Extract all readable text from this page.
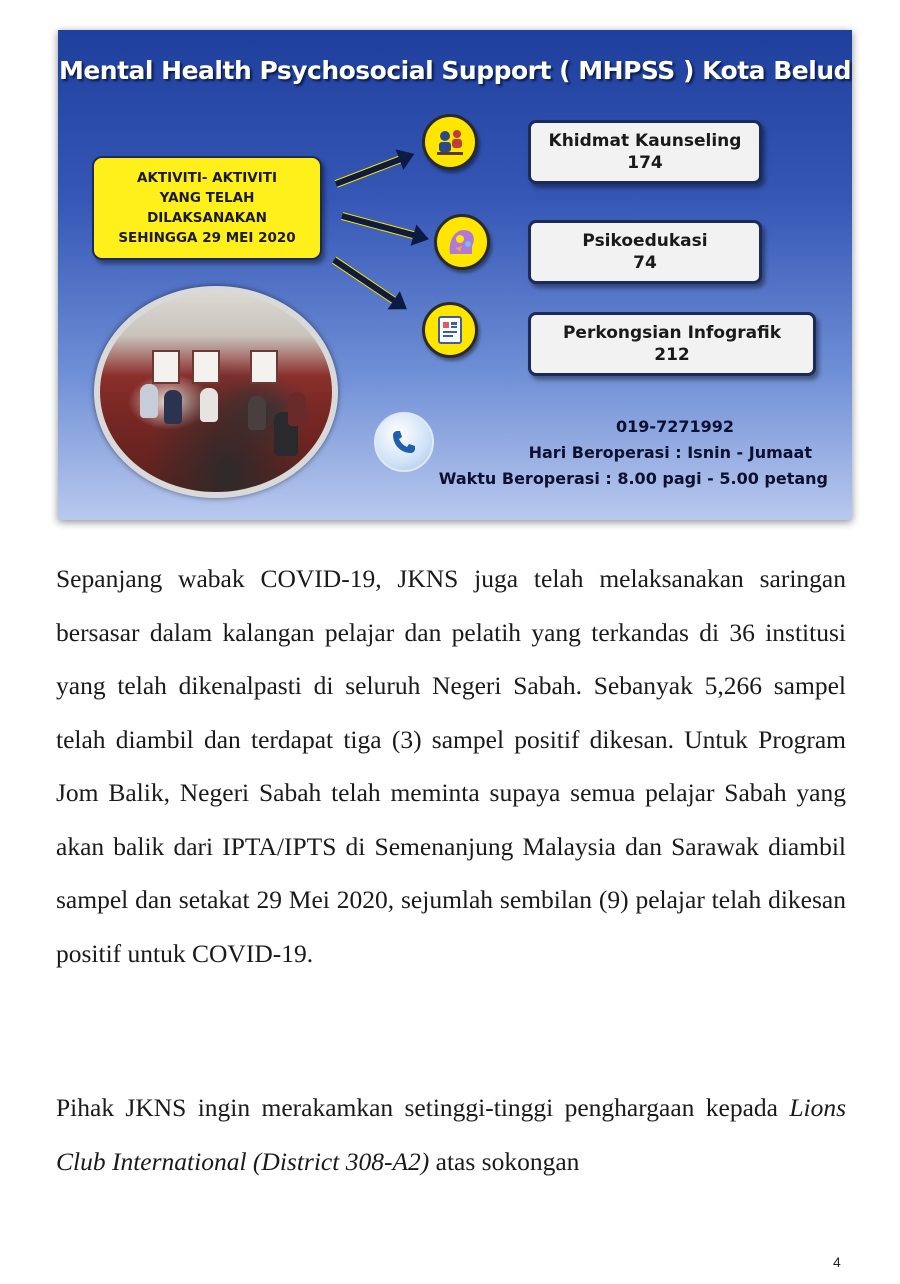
Mental Health Psychosocial Support ( MHPSS ) Kota Belud
AKTIVITI- AKTIVITI
YANG TELAH
DILAKSANAKAN
SEHINGGA 29 MEI 2020
Khidmat Kaunseling
174
Psikoedukasi
74
Perkongsian Infografik
212
019-7271992
Hari Beroperasi : Isnin - Jumaat
Waktu Beroperasi : 8.00 pagi - 5.00 petang

Sepanjang wabak COVID-19, JKNS juga telah melaksanakan saringan bersasar dalam kalangan pelajar dan pelatih yang terkandas di 36 institusi yang telah dikenalpasti di seluruh Negeri Sabah. Sebanyak 5,266 sampel telah diambil dan terdapat tiga (3) sampel positif dikesan. Untuk Program Jom Balik, Negeri Sabah telah meminta supaya semua pelajar Sabah yang akan balik dari IPTA/IPTS di Semenanjung Malaysia dan Sarawak diambil sampel dan setakat 29 Mei 2020, sejumlah sembilan (9) pelajar telah dikesan positif untuk COVID-19.

Pihak JKNS ingin merakamkan setinggi-tinggi penghargaan kepada Lions Club International (District 308-A2) atas sokongan

4
